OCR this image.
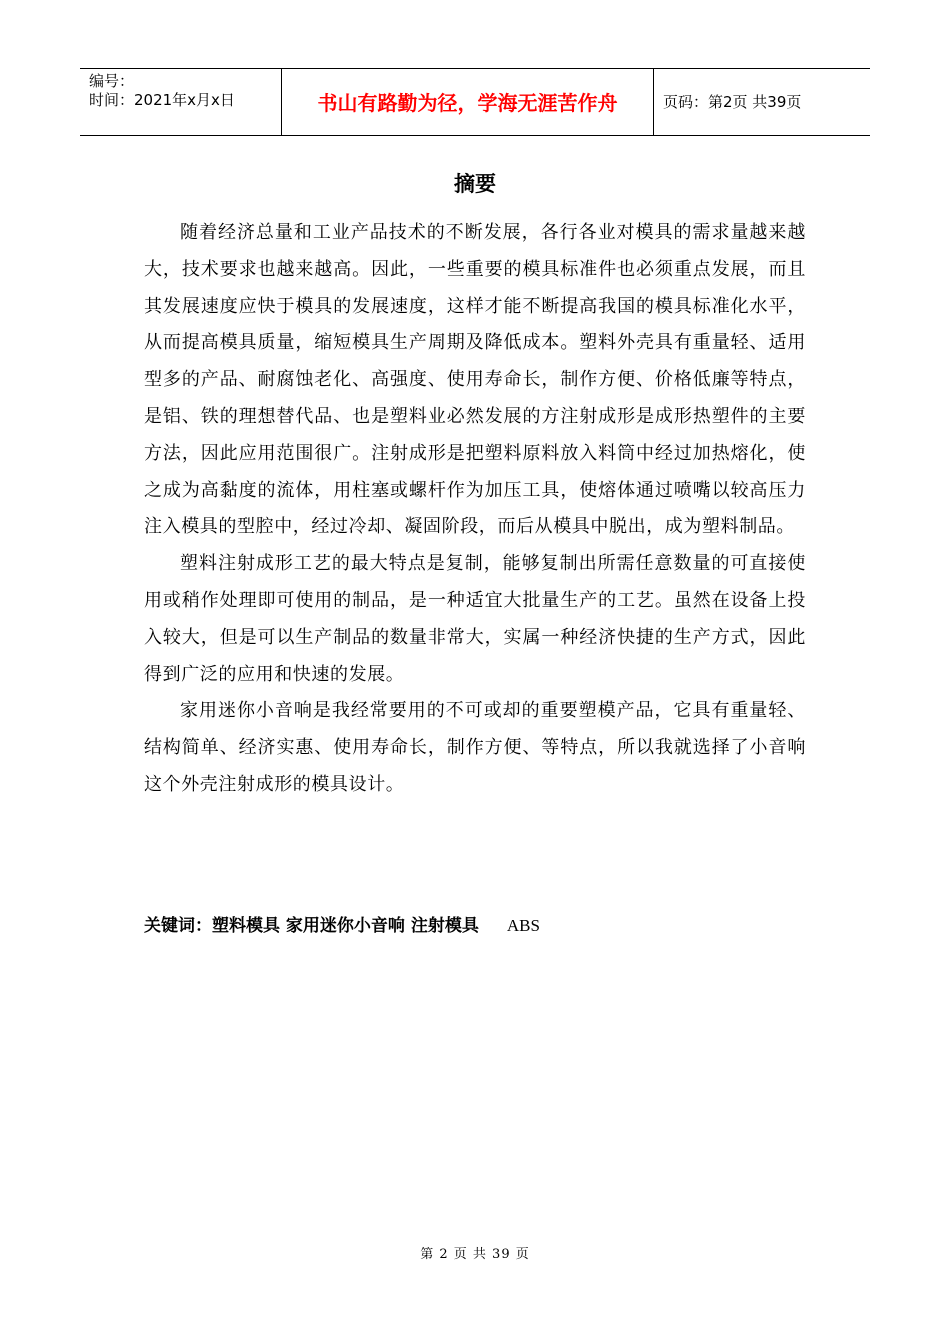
编号：
时间：2021年x月x日	书山有路勤为径，学海无涯苦作舟	页码：第2页 共39页
摘要

随着经济总量和工业产品技术的不断发展，各行各业对模具的需求量越来越大，技术要求也越来越高。因此，一些重要的模具标准件也必须重点发展，而且其发展速度应快于模具的发展速度，这样才能不断提高我国的模具标准化水平，从而提高模具质量，缩短模具生产周期及降低成本。塑料外壳具有重量轻、适用型多的产品、耐腐蚀老化、高强度、使用寿命长，制作方便、价格低廉等特点，是铝、铁的理想替代品、也是塑料业必然发展的方注射成形是成形热塑件的主要方法，因此应用范围很广。注射成形是把塑料原料放入料筒中经过加热熔化，使之成为高黏度的流体，用柱塞或螺杆作为加压工具，使熔体通过喷嘴以较高压力注入模具的型腔中，经过冷却、凝固阶段，而后从模具中脱出，成为塑料制品。

塑料注射成形工艺的最大特点是复制，能够复制出所需任意数量的可直接使用或稍作处理即可使用的制品，是一种适宜大批量生产的工艺。虽然在设备上投入较大，但是可以生产制品的数量非常大，实属一种经济快捷的生产方式，因此得到广泛的应用和快速的发展。

家用迷你小音响是我经常要用的不可或却的重要塑模产品，它具有重量轻、结构简单、经济实惠、使用寿命长，制作方便、等特点，所以我就选择了小音响这个外壳注射成形的模具设计。

关键词：塑料模具 家用迷你小音响 注射模具 ABS
第 2 页 共 39 页
